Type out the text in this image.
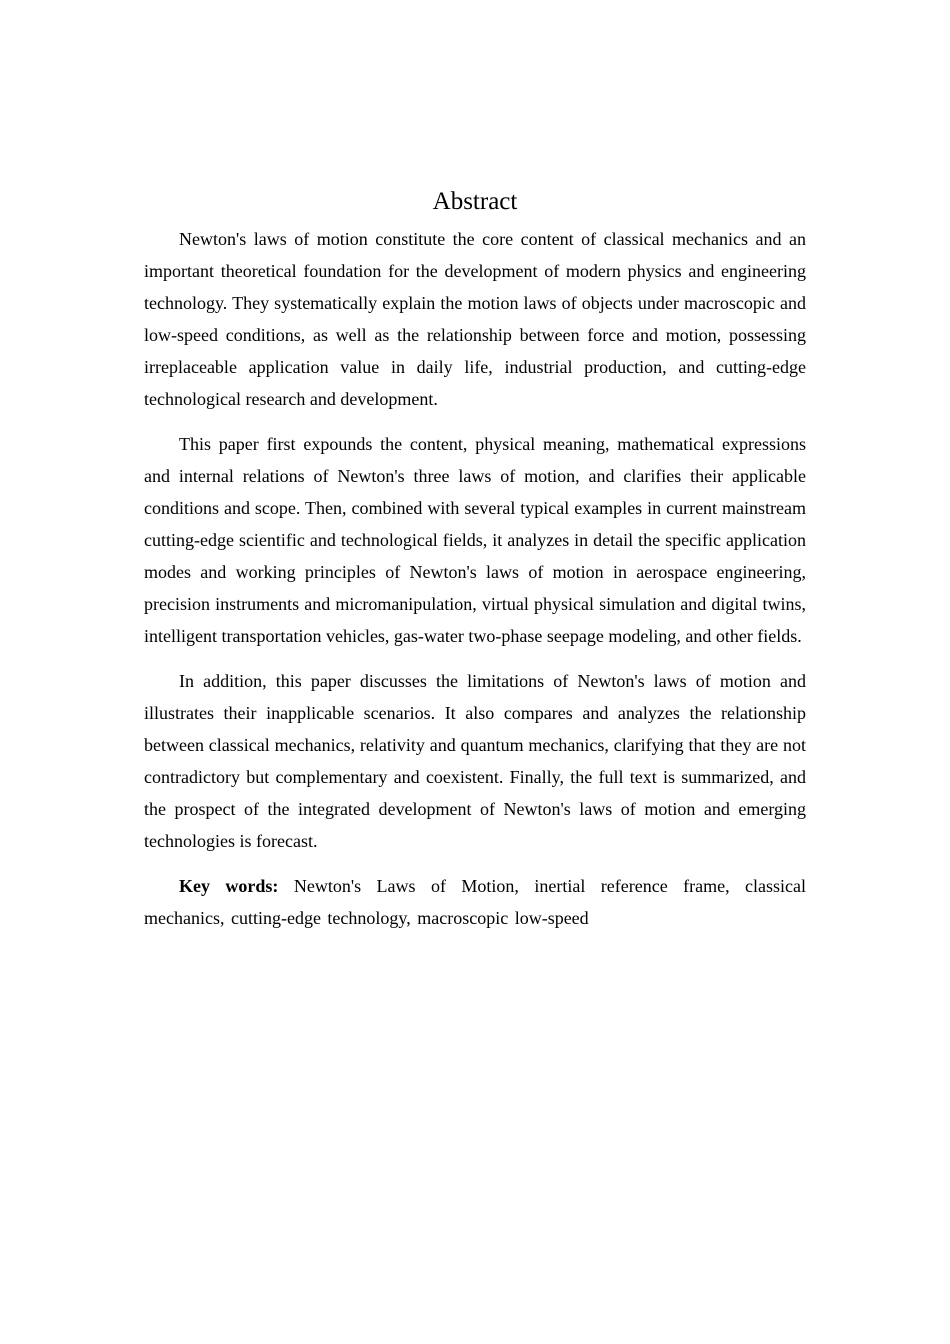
Abstract

Newton's laws of motion constitute the core content of classical mechanics and an important theoretical foundation for the development of modern physics and engineering technology. They systematically explain the motion laws of objects under macroscopic and low-speed conditions, as well as the relationship between force and motion, possessing irreplaceable application value in daily life, industrial production, and cutting-edge technological research and development.

This paper first expounds the content, physical meaning, mathematical expressions and internal relations of Newton's three laws of motion, and clarifies their applicable conditions and scope. Then, combined with several typical examples in current mainstream cutting-edge scientific and technological fields, it analyzes in detail the specific application modes and working principles of Newton's laws of motion in aerospace engineering, precision instruments and micromanipulation, virtual physical simulation and digital twins, intelligent transportation vehicles, gas-water two-phase seepage modeling, and other fields.

In addition, this paper discusses the limitations of Newton's laws of motion and illustrates their inapplicable scenarios. It also compares and analyzes the relationship between classical mechanics, relativity and quantum mechanics, clarifying that they are not contradictory but complementary and coexistent. Finally, the full text is summarized, and the prospect of the integrated development of Newton's laws of motion and emerging technologies is forecast.

Key words: Newton's Laws of Motion, inertial reference frame, classical mechanics, cutting-edge technology, macroscopic low-speed
